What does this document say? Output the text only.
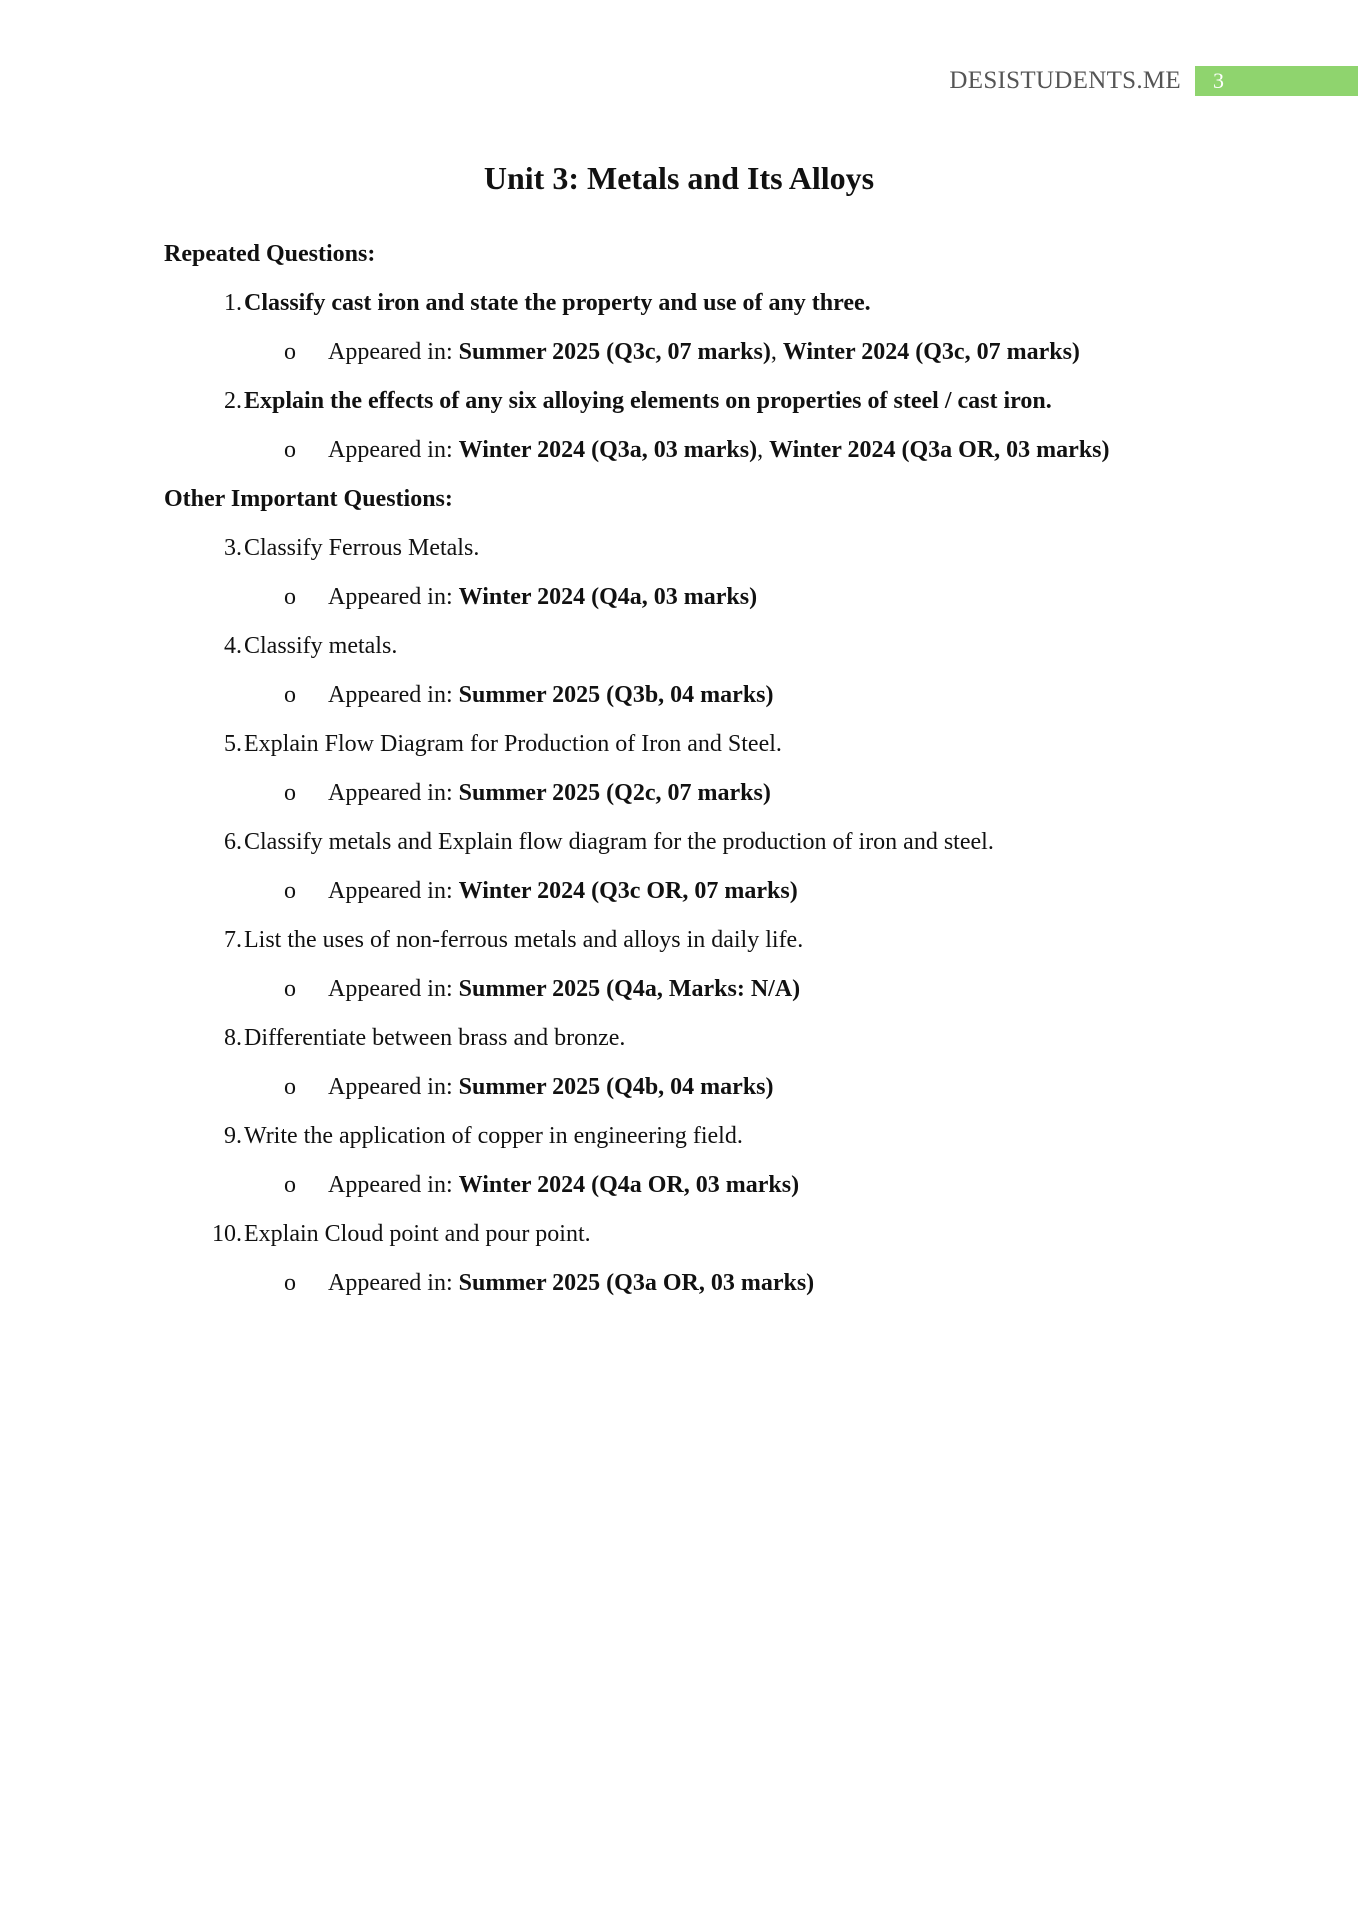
DESISTUDENTS.ME	3
Unit 3: Metals and Its Alloys
Repeated Questions:
1. Classify cast iron and state the property and use of any three.
o	Appeared in: Summer 2025 (Q3c, 07 marks), Winter 2024 (Q3c, 07 marks)
2. Explain the effects of any six alloying elements on properties of steel / cast iron.
o	Appeared in: Winter 2024 (Q3a, 03 marks), Winter 2024 (Q3a OR, 03 marks)
Other Important Questions:
3. Classify Ferrous Metals.
o	Appeared in: Winter 2024 (Q4a, 03 marks)
4. Classify metals.
o	Appeared in: Summer 2025 (Q3b, 04 marks)
5. Explain Flow Diagram for Production of Iron and Steel.
o	Appeared in: Summer 2025 (Q2c, 07 marks)
6. Classify metals and Explain flow diagram for the production of iron and steel.
o	Appeared in: Winter 2024 (Q3c OR, 07 marks)
7. List the uses of non-ferrous metals and alloys in daily life.
o	Appeared in: Summer 2025 (Q4a, Marks: N/A)
8. Differentiate between brass and bronze.
o	Appeared in: Summer 2025 (Q4b, 04 marks)
9. Write the application of copper in engineering field.
o	Appeared in: Winter 2024 (Q4a OR, 03 marks)
10. Explain Cloud point and pour point.
o	Appeared in: Summer 2025 (Q3a OR, 03 marks)
